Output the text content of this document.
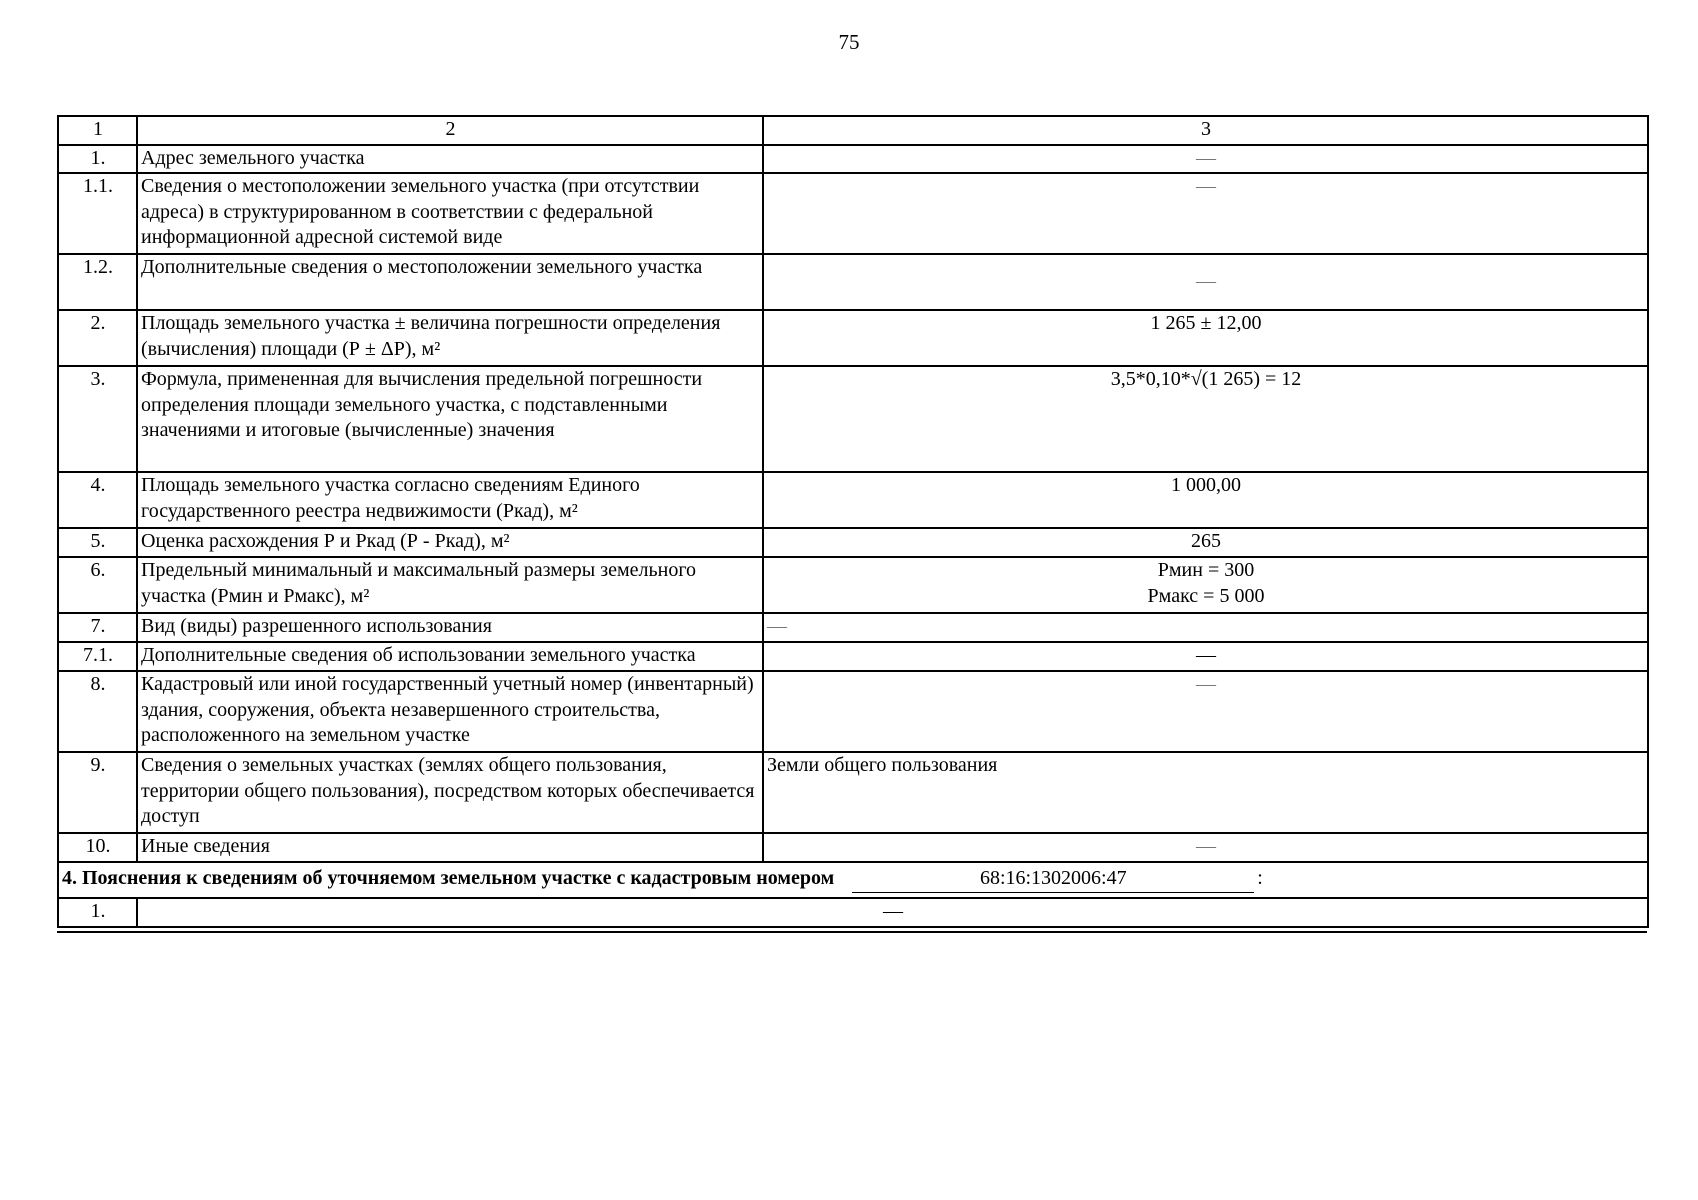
75
1	2	3
1.	Адрес земельного участка	—
1.1.	Сведения о местоположении земельного участка (при отсутствии адреса) в структурированном в соответствии с федеральной информационной адресной системой виде	—
1.2.	Дополнительные сведения о местоположении земельного участка	—
2.	Площадь земельного участка ± величина погрешности определения (вычисления) площади (Р ± ΔР), м²	1 265 ± 12,00
3.	Формула, примененная для вычисления предельной погрешности определения площади земельного участка, с подставленными значениями и итоговые (вычисленные) значения	3,5*0,10*√(1 265) = 12
4.	Площадь земельного участка согласно сведениям Единого государственного реестра недвижимости (Ркад), м²	1 000,00
5.	Оценка расхождения Р и Ркад (Р - Ркад), м²	265
6.	Предельный минимальный и максимальный размеры земельного участка (Рмин и Рмакс), м²	Рмин = 300
Рмакс = 5 000

7.	Вид (виды) разрешенного использования	—
7.1.	Дополнительные сведения об использовании земельного участка	—
8.	Кадастровый или иной государственный учетный номер (инвентарный) здания, сооружения, объекта незавершенного строительства, расположенного на земельном участке	—
9.	Сведения о земельных участках (землях общего пользования, территории общего пользования), посредством которых обеспечивается доступ	Земли общего пользования
10.	Иные сведения	—
4. Пояснения к сведениям об уточняемом земельном участке с кадастровым номером 68:16:1302006:47 :		
1.	—	
